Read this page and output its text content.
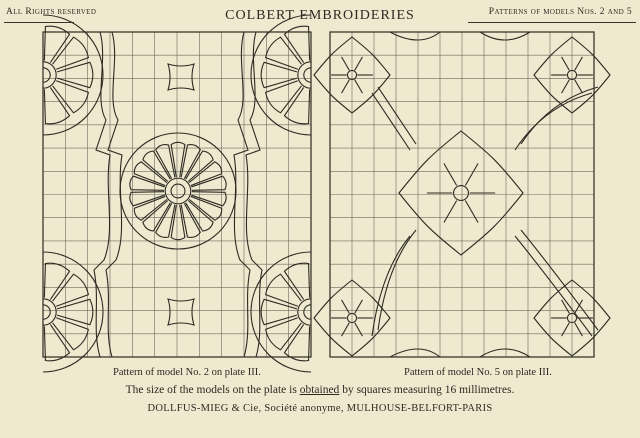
All Rights reserved	COLBERT EMBROIDERIES	Patterns of models Nos. 2 and 5
Pattern of model No. 2 on plate III.	Pattern of model No. 5 on plate III.
The size of the models on the plate is obtained by squares measuring 16 millimetres.
DOLLFUS-MIEG & Cie, Société anonyme, MULHOUSE-BELFORT-PARIS
